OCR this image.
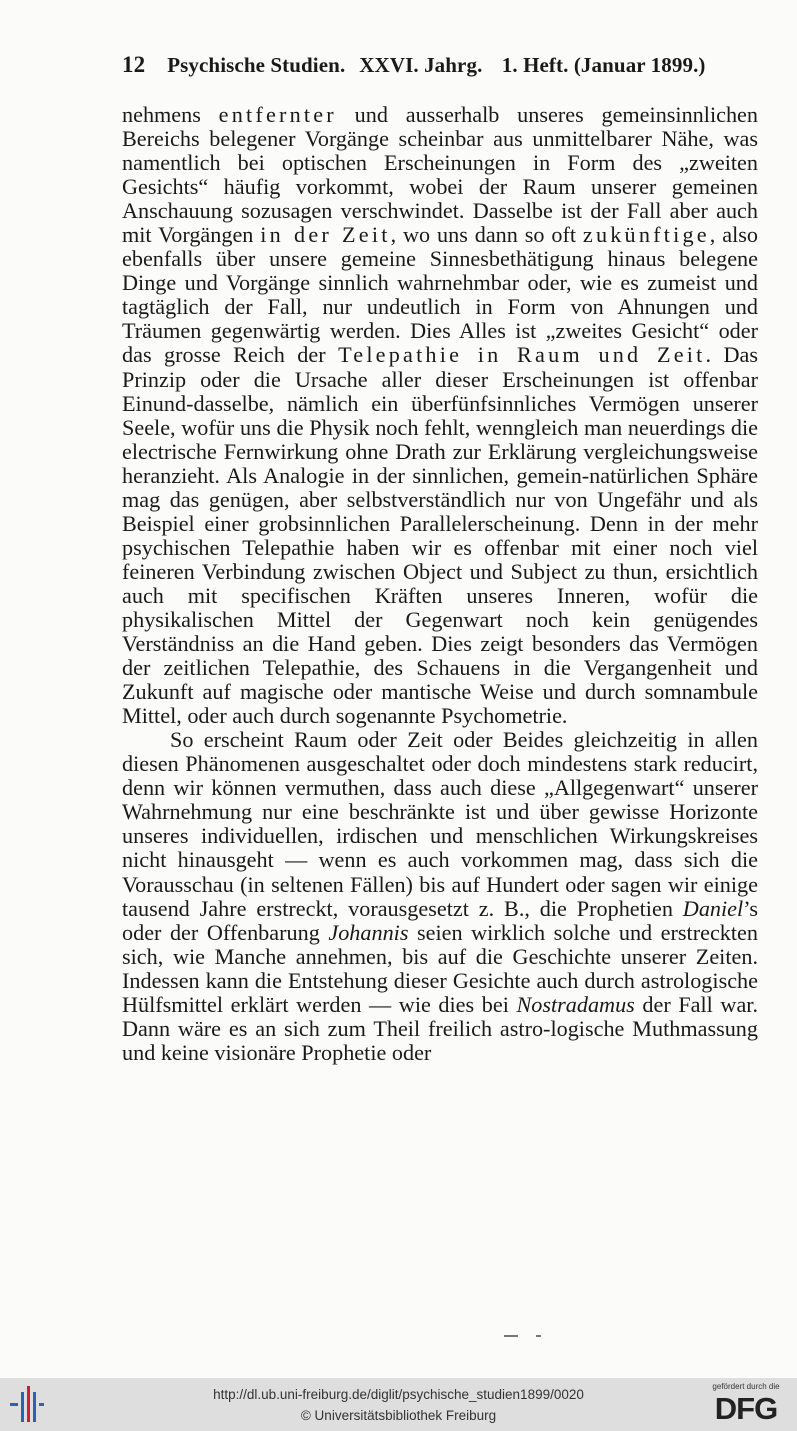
12 Psychische Studien. XXVI. Jahrg. 1. Heft. (Januar 1899.)

nehmens entfernter und ausserhalb unseres gemeinsinnlichen Bereichs belegener Vorgänge scheinbar aus unmittelbarer Nähe, was namentlich bei optischen Erscheinungen in Form des „zweiten Gesichts“ häufig vorkommt, wobei der Raum unserer gemeinen Anschauung sozusagen verschwindet. Dasselbe ist der Fall aber auch mit Vorgängen in der Zeit, wo uns dann so oft zukünftige, also ebenfalls über unsere gemeine Sinnesbethätigung hinaus belegene Dinge und Vorgänge sinnlich wahrnehmbar oder, wie es zumeist und tagtäglich der Fall, nur undeutlich in Form von Ahnungen und Träumen gegenwärtig werden. Dies Alles ist „zweites Gesicht“ oder das grosse Reich der Telepathie in Raum und Zeit. Das Prinzip oder die Ursache aller dieser Erscheinungen ist offenbar Einund-dasselbe, nämlich ein überfünfsinnliches Vermögen unserer Seele, wofür uns die Physik noch fehlt, wenngleich man neuerdings die electrische Fernwirkung ohne Drath zur Erklärung vergleichungsweise heranzieht. Als Analogie in der sinnlichen, gemein-natürlichen Sphäre mag das genügen, aber selbstverständlich nur von Ungefähr und als Beispiel einer grobsinnlichen Parallelerscheinung. Denn in der mehr psychischen Telepathie haben wir es offenbar mit einer noch viel feineren Verbindung zwischen Object und Subject zu thun, ersichtlich auch mit specifischen Kräften unseres Inneren, wofür die physikalischen Mittel der Gegenwart noch kein genügendes Verständniss an die Hand geben. Dies zeigt besonders das Vermögen der zeitlichen Telepathie, des Schauens in die Vergangenheit und Zukunft auf magische oder mantische Weise und durch somnambule Mittel, oder auch durch sogenannte Psychometrie.

So erscheint Raum oder Zeit oder Beides gleichzeitig in allen diesen Phänomenen ausgeschaltet oder doch mindestens stark reducirt, denn wir können vermuthen, dass auch diese „Allgegenwart“ unserer Wahrnehmung nur eine beschränkte ist und über gewisse Horizonte unseres individuellen, irdischen und menschlichen Wirkungskreises nicht hinausgeht — wenn es auch vorkommen mag, dass sich die Vorausschau (in seltenen Fällen) bis auf Hundert oder sagen wir einige tausend Jahre erstreckt, vorausgesetzt z. B., die Prophetien Daniel’s oder der Offenbarung Johannis seien wirklich solche und erstreckten sich, wie Manche annehmen, bis auf die Geschichte unserer Zeiten. Indessen kann die Entstehung dieser Gesichte auch durch astrologische Hülfsmittel erklärt werden — wie dies bei Nostradamus der Fall war. Dann wäre es an sich zum Theil freilich astro-logische Muthmassung und keine visionäre Prophetie oder

http://dl.ub.uni-freiburg.de/diglit/psychische_studien1899/0020
© Universitätsbibliothek Freiburg
gefördert durch die
DFG
